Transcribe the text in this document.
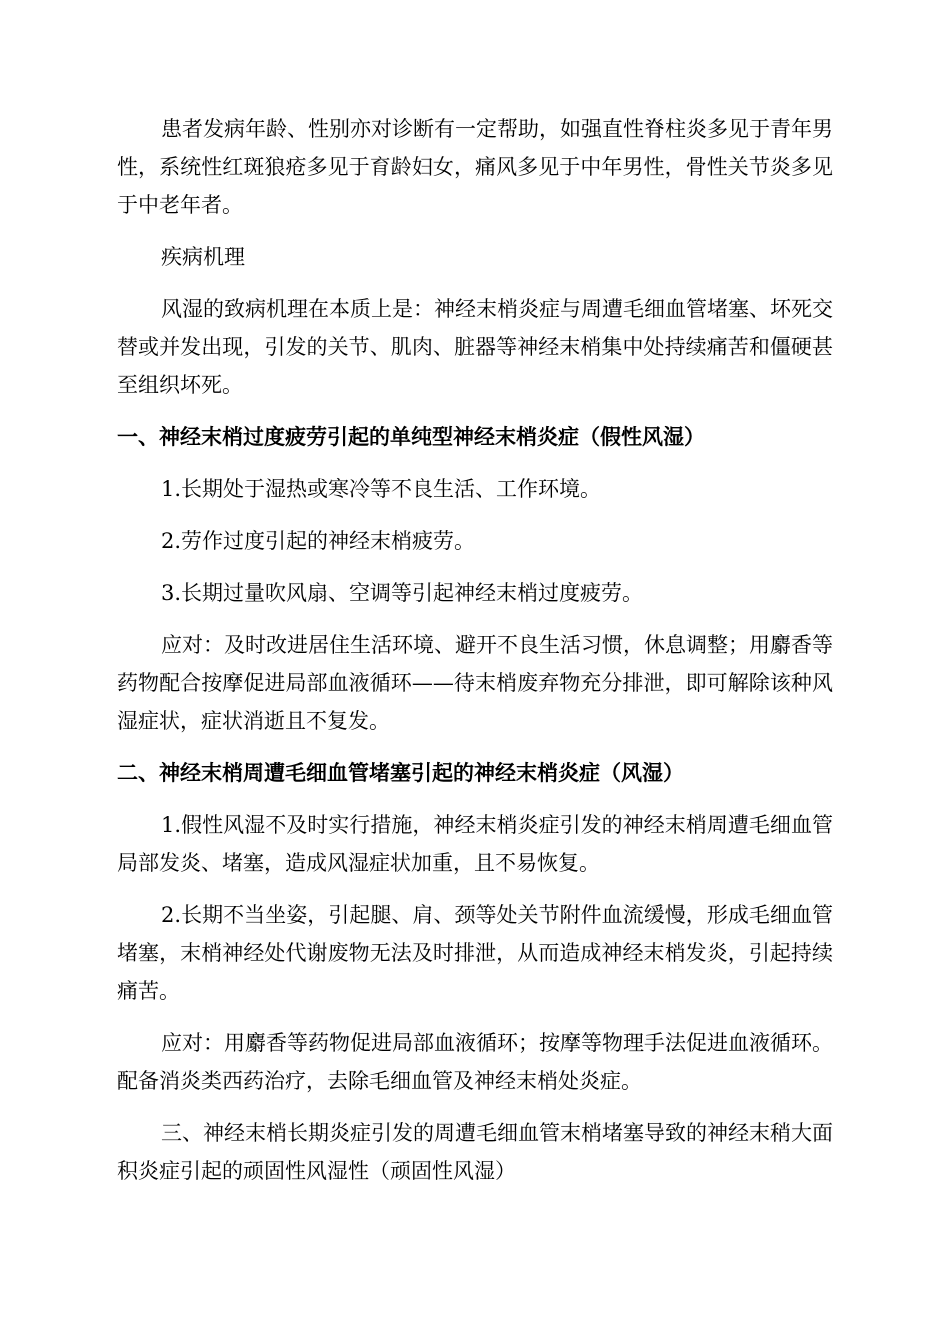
患者发病年龄、性别亦对诊断有一定帮助，如强直性脊柱炎多见于青年男性，系统性红斑狼疮多见于育龄妇女，痛风多见于中年男性，骨性关节炎多见于中老年者。

疾病机理

风湿的致病机理在本质上是：神经末梢炎症与周遭毛细血管堵塞、坏死交替或并发出现，引发的关节、肌肉、脏器等神经末梢集中处持续痛苦和僵硬甚至组织坏死。

一、神经末梢过度疲劳引起的单纯型神经末梢炎症（假性风湿）

1.长期处于湿热或寒冷等不良生活、工作环境。

2.劳作过度引起的神经末梢疲劳。

3.长期过量吹风扇、空调等引起神经末梢过度疲劳。

应对：及时改进居住生活环境、避开不良生活习惯，休息调整；用麝香等药物配合按摩促进局部血液循环——待末梢废弃物充分排泄，即可解除该种风湿症状，症状消逝且不复发。

二、神经末梢周遭毛细血管堵塞引起的神经末梢炎症（风湿）

1.假性风湿不及时实行措施，神经末梢炎症引发的神经末梢周遭毛细血管局部发炎、堵塞，造成风湿症状加重，且不易恢复。

2.长期不当坐姿，引起腿、肩、颈等处关节附件血流缓慢，形成毛细血管堵塞，末梢神经处代谢废物无法及时排泄，从而造成神经末梢发炎，引起持续痛苦。

应对：用麝香等药物促进局部血液循环；按摩等物理手法促进血液循环。配备消炎类西药治疗，去除毛细血管及神经末梢处炎症。

三、神经末梢长期炎症引发的周遭毛细血管末梢堵塞导致的神经末稍大面积炎症引起的顽固性风湿性（顽固性风湿）
